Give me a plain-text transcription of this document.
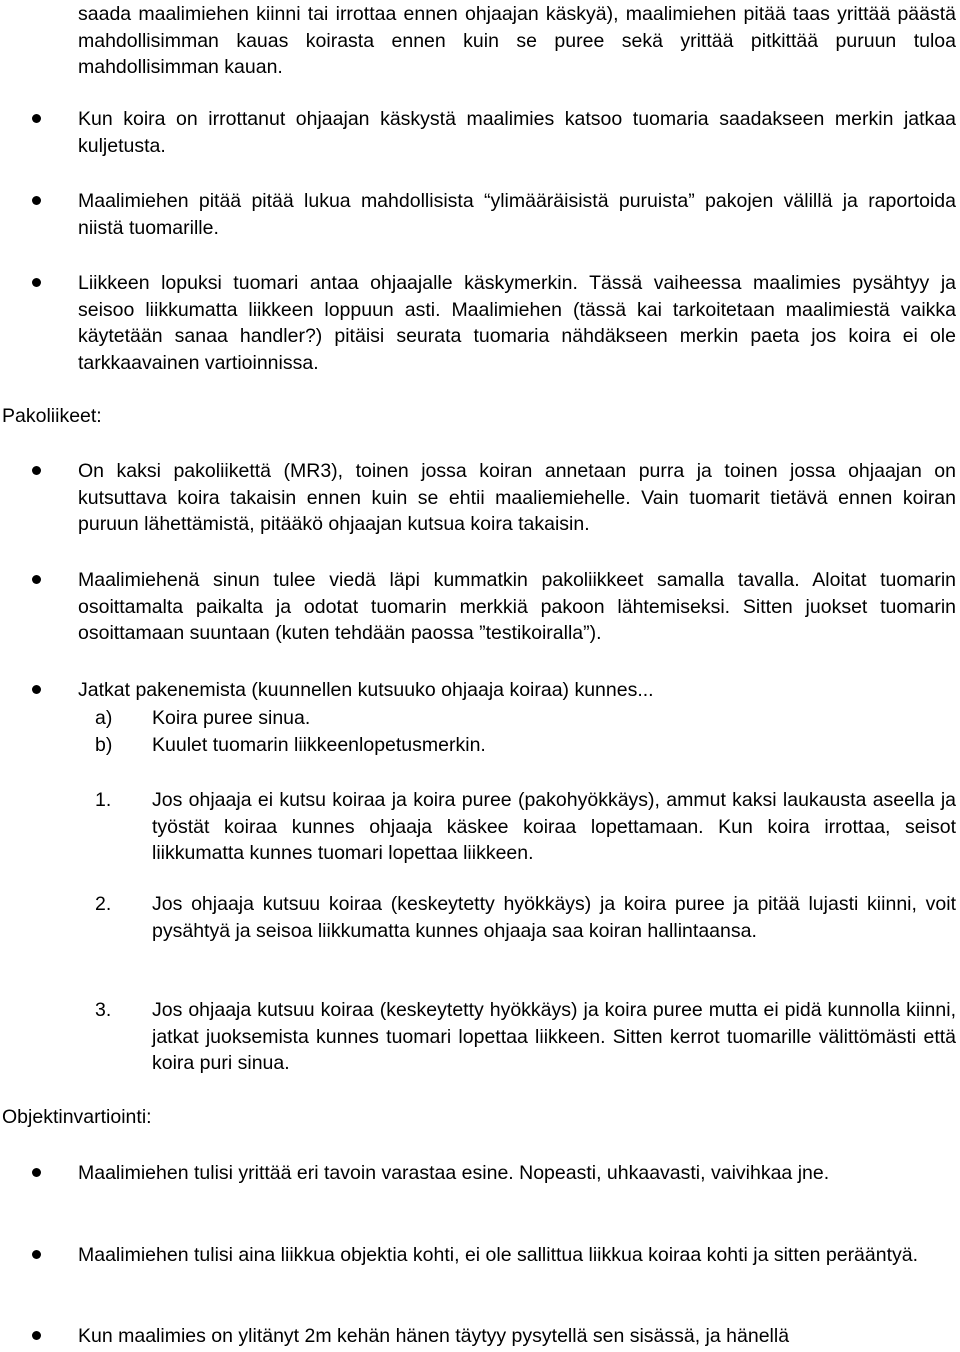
saada maalimiehen kiinni tai irrottaa ennen ohjaajan käskyä), maalimiehen pitää taas yrittää päästä mahdollisimman kauas koirasta ennen kuin se puree sekä yrittää pitkittää puruun tuloa mahdollisimman kauan.
Kun koira on irrottanut ohjaajan käskystä maalimies katsoo tuomaria saadakseen merkin jatkaa kuljetusta.
Maalimiehen pitää pitää lukua mahdollisista “ylimääräisistä puruista” pakojen välillä ja raportoida niistä tuomarille.
Liikkeen lopuksi tuomari antaa ohjaajalle käskymerkin. Tässä vaiheessa maalimies pysähtyy ja seisoo liikkumatta liikkeen loppuun asti. Maalimiehen (tässä kai tarkoitetaan maalimiestä vaikka käytetään sanaa handler?) pitäisi seurata tuomaria nähdäkseen merkin paeta jos koira ei ole tarkkaavainen vartioinnissa.
Pakoliikeet:
On kaksi pakoliikettä (MR3), toinen jossa koiran annetaan purra ja toinen jossa ohjaajan on kutsuttava koira takaisin ennen kuin se ehtii maaliemiehelle. Vain tuomarit tietävä ennen koiran puruun lähettämistä, pitääkö ohjaajan kutsua koira takaisin.
Maalimiehenä sinun tulee viedä läpi kummatkin pakoliikkeet samalla tavalla. Aloitat tuomarin osoittamalta paikalta ja odotat tuomarin merkkiä pakoon lähtemiseksi. Sitten juokset tuomarin osoittamaan suuntaan (kuten tehdään paossa ”testikoiralla”).
Jatkat pakenemista (kuunnellen kutsuuko ohjaaja koiraa) kunnes...
a) Koira puree sinua.
b) Kuulet tuomarin liikkeenlopetusmerkin.
1. Jos ohjaaja ei kutsu koiraa ja koira puree (pakohyökkäys), ammut kaksi laukausta aseella ja työstät koiraa kunnes ohjaaja käskee koiraa lopettamaan. Kun koira irrottaa, seisot liikkumatta kunnes tuomari lopettaa liikkeen.
2. Jos ohjaaja kutsuu koiraa (keskeytetty hyökkäys) ja koira puree ja pitää lujasti kiinni, voit pysähtyä ja seisoa liikkumatta kunnes ohjaaja saa koiran hallintaansa.
3. Jos ohjaaja kutsuu koiraa (keskeytetty hyökkäys) ja koira puree mutta ei pidä kunnolla kiinni, jatkat juoksemista kunnes tuomari lopettaa liikkeen. Sitten kerrot tuomarille välittömästi että koira puri sinua.
Objektinvartiointi:
Maalimiehen tulisi yrittää eri tavoin varastaa esine. Nopeasti, uhkaavasti, vaivihkaa jne.
Maalimiehen tulisi aina liikkua objektia kohti, ei ole sallittua liikkua koiraa kohti ja sitten perääntyä.
Kun maalimies on ylitänyt 2m kehän hänen täytyy pysytellä sen sisässä, ja hänellä
